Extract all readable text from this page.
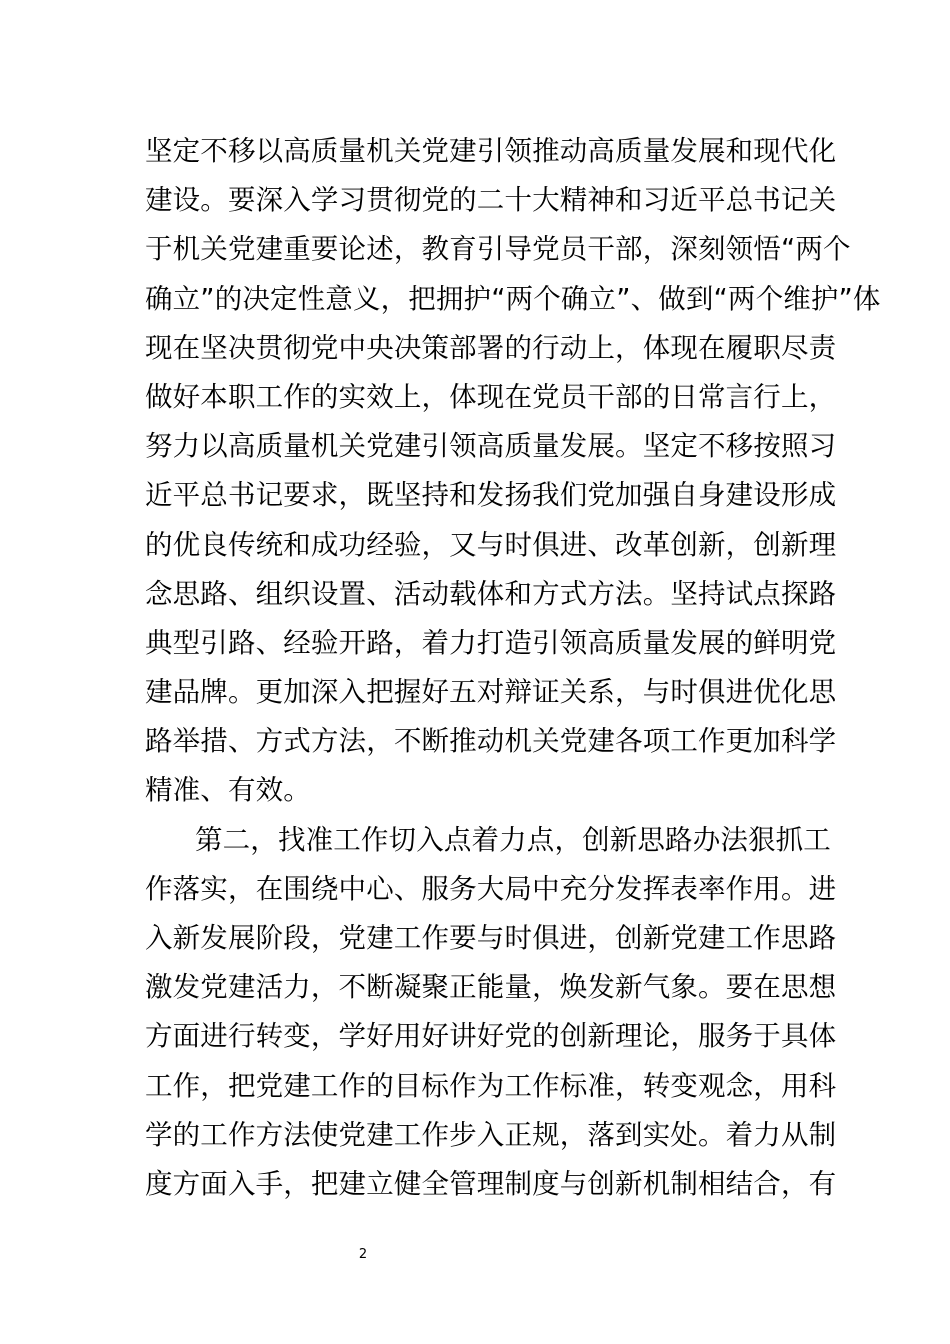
坚定不移以高质量机关党建引领推动高质量发展和现代化
建设。要深入学习贯彻党的二十大精神和习近平总书记关
于机关党建重要论述，教育引导党员干部，深刻领悟“两个
确立”的决定性意义，把拥护“两个确立”、做到“两个维护”体
现在坚决贯彻党中央决策部署的行动上，体现在履职尽责
做好本职工作的实效上，体现在党员干部的日常言行上，
努力以高质量机关党建引领高质量发展。坚定不移按照习
近平总书记要求，既坚持和发扬我们党加强自身建设形成
的优良传统和成功经验，又与时俱进、改革创新，创新理
念思路、组织设置、活动载体和方式方法。坚持试点探路
典型引路、经验开路，着力打造引领高质量发展的鲜明党
建品牌。更加深入把握好五对辩证关系，与时俱进优化思
路举措、方式方法，不断推动机关党建各项工作更加科学
精准、有效。
第二，找准工作切入点着力点，创新思路办法狠抓工
作落实，在围绕中心、服务大局中充分发挥表率作用。进
入新发展阶段，党建工作要与时俱进，创新党建工作思路
激发党建活力，不断凝聚正能量，焕发新气象。要在思想
方面进行转变，学好用好讲好党的创新理论，服务于具体
工作，把党建工作的目标作为工作标准，转变观念，用科
学的工作方法使党建工作步入正规，落到实处。着力从制
度方面入手，把建立健全管理制度与创新机制相结合，有
2
